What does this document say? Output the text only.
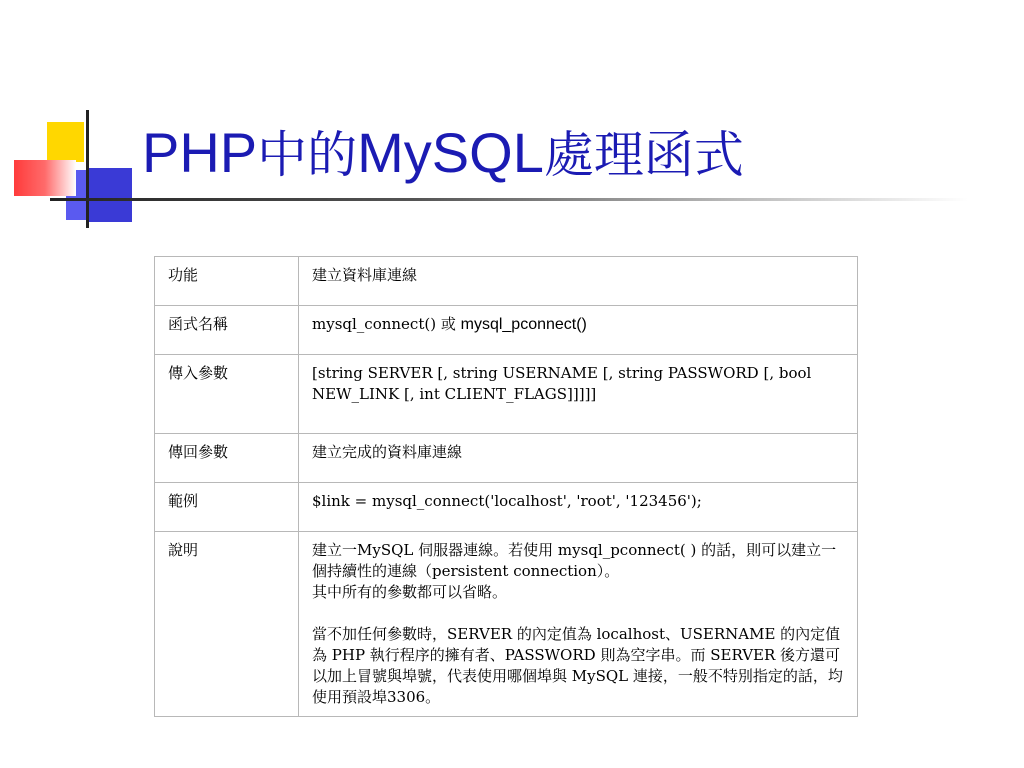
PHP中的MySQL處理函式
功能	建立資料庫連線
函式名稱	mysql_connect() 或 mysql_pconnect()
傳入參數	[string SERVER [, string USERNAME [, string PASSWORD [, bool NEW_LINK [, int CLIENT_FLAGS]]]]]
傳回參數	建立完成的資料庫連線
範例	$link = mysql_connect('localhost', 'root', '123456');
說明	建立一MySQL 伺服器連線。若使用 mysql_pconnect( ) 的話，則可以建立一個持續性的連線（persistent connection）。
其中所有的參數都可以省略。
當不加任何參數時，SERVER 的內定值為 localhost、USERNAME 的內定值為 PHP 執行程序的擁有者、PASSWORD 則為空字串。而 SERVER 後方還可以加上冒號與埠號，代表使用哪個埠與 MySQL 連接，一般不特別指定的話，均使用預設埠3306。
